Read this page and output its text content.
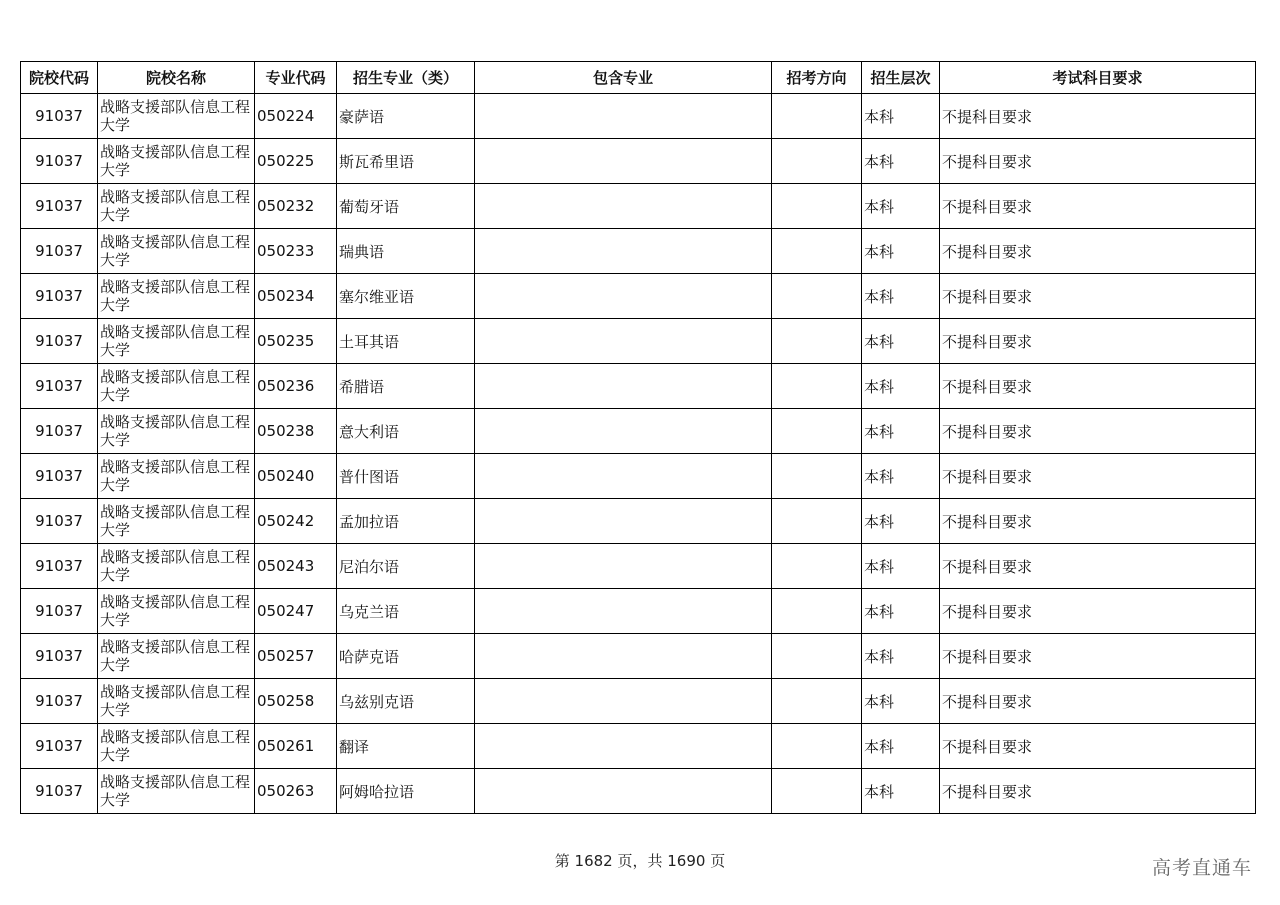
院校代码	院校名称	专业代码	招生专业（类）	包含专业	招考方向	招生层次	考试科目要求
91037	战略支援部队信息工程大学	050224	豪萨语			本科	不提科目要求
91037	战略支援部队信息工程大学	050225	斯瓦希里语			本科	不提科目要求
91037	战略支援部队信息工程大学	050232	葡萄牙语			本科	不提科目要求
91037	战略支援部队信息工程大学	050233	瑞典语			本科	不提科目要求
91037	战略支援部队信息工程大学	050234	塞尔维亚语			本科	不提科目要求
91037	战略支援部队信息工程大学	050235	土耳其语			本科	不提科目要求
91037	战略支援部队信息工程大学	050236	希腊语			本科	不提科目要求
91037	战略支援部队信息工程大学	050238	意大利语			本科	不提科目要求
91037	战略支援部队信息工程大学	050240	普什图语			本科	不提科目要求
91037	战略支援部队信息工程大学	050242	孟加拉语			本科	不提科目要求
91037	战略支援部队信息工程大学	050243	尼泊尔语			本科	不提科目要求
91037	战略支援部队信息工程大学	050247	乌克兰语			本科	不提科目要求
91037	战略支援部队信息工程大学	050257	哈萨克语			本科	不提科目要求
91037	战略支援部队信息工程大学	050258	乌兹别克语			本科	不提科目要求
91037	战略支援部队信息工程大学	050261	翻译			本科	不提科目要求
91037	战略支援部队信息工程大学	050263	阿姆哈拉语			本科	不提科目要求
第 1682 页，共 1690 页	高考直通车
